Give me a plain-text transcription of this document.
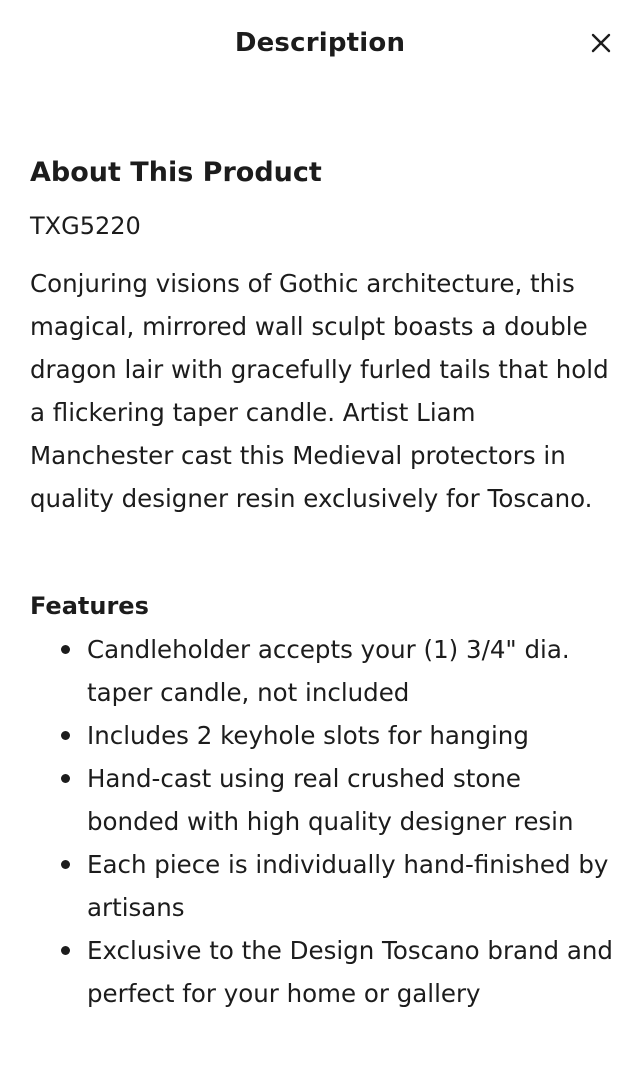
Description
About This Product
TXG5220
Conjuring visions of Gothic architecture, this magical, mirrored wall sculpt boasts a double dragon lair with gracefully furled tails that hold a flickering taper candle. Artist Liam Manchester cast this Medieval protectors in quality designer resin exclusively for Toscano.
Features
Candleholder accepts your (1) 3/4" dia. taper candle, not included
Includes 2 keyhole slots for hanging
Hand-cast using real crushed stone bonded with high quality designer resin
Each piece is individually hand-finished by artisans
Exclusive to the Design Toscano brand and perfect for your home or gallery
